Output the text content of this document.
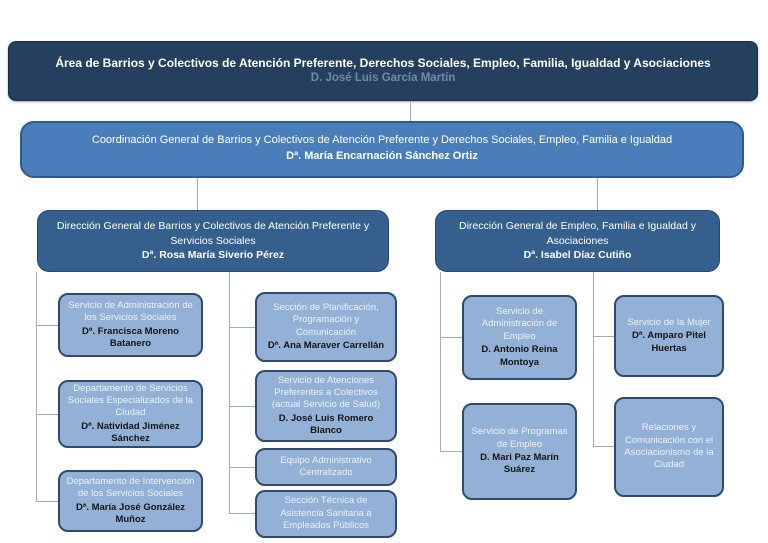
Área de Barrios y Colectivos de Atención Preferente, Derechos Sociales, Empleo, Familia, Igualdad y Asociaciones
D. José Luis García Martín
Coordinación General de Barrios y Colectivos de Atención Preferente y Derechos Sociales, Empleo, Familia e Igualdad
Dª. María Encarnación Sánchez Ortiz
Dirección General de Barrios y Colectivos de Atención Preferente y Servicios Sociales
Dª. Rosa María Siverio Pérez
Dirección General de Empleo, Familia e Igualdad y Asociaciones
Dª. Isabel Díaz Cutiño
Servicio de Administración de los Servicios Sociales
Dª. Francisca Moreno Batanero
Departamento de Servicios Sociales Especializados de la Ciudad
Dª. Natividad Jiménez Sánchez
Departamento de Intervención de los Servicios Sociales
Dª. María José González Muñoz
Sección de Planificación, Programación y Comunicación
Dª. Ana Maraver Carrellán
Servicio de Atenciones Preferentes a Colectivos (actual Servicio de Salud)
D. José Luis Romero Blanco
Equipo Administrativo Centralizado
Sección Técnica de Asistencia Sanitaria a Empleados Públicos
Servicio de Administración de Empleo
D. Antonio Reina Montoya
Servicio de Programas de Empleo
D. Mari Paz Marín Suárez
Servicio de la Mujer
Dª. Amparo Pitel Huertas
Relaciones y Comunicación con el Asociacionismo de la Ciudad
